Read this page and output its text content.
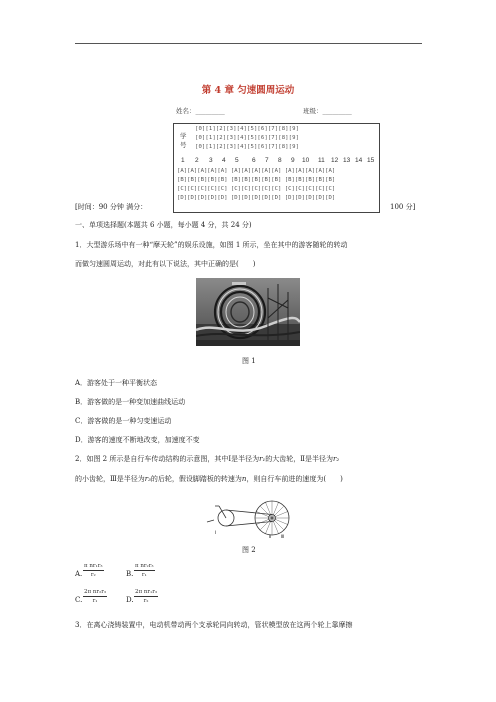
第 4 章 匀速圆周运动
姓名：_________	班级：_________
学
号
[0][1][2][3][4][5][6][7][8][9]
[0][1][2][3][4][5][6][7][8][9]
[0][1][2][3][4][5][6][7][8][9]
1 2 3 4 5 6 7 8 9 10 11 12 13 14 15
[A][A][A][A][A] [A][A][A][A][A] [A][A][A][A][A]
[B][B][B][B][B] [B][B][B][B][B] [B][B][B][B][B]
[C][C][C][C][C] [C][C][C][C][C] [C][C][C][C][C]
[D][D][D][D][D] [D][D][D][D][D] [D][D][D][D][D]
[时间：90 分钟 满分：	100 分]
一、单项选择题(本题共 6 小题，每小题 4 分，共 24 分)
1．大型游乐场中有一种“摩天轮”的娱乐设施，如图 1 所示，坐在其中的游客随轮的转动
而做匀速圆周运动，对此有以下说法，其中正确的是(　　)
图 1
A．游客处于一种平衡状态
B．游客做的是一种变加速曲线运动
C．游客做的是一种匀变速运动
D．游客的速度不断地改变，加速度不变
2．如图 2 所示是自行车传动结构的示意图，其中Ⅰ是半径为r₁的大齿轮，Ⅱ是半径为r₂
的小齿轮，Ⅲ是半径为r₃的后轮，假设脚踏板的转速为n，则自行车前进的速度为(　　)
Ⅰ
Ⅱ Ⅲ
图 2
A. $\frac{\text{π nr₁r₃}}{\text{r₂}}$	B. $\frac{\text{π nr₂r₃}}{\text{r₁}}$
C. $\frac{\text{2π nr₂r₃}}{\text{r₁}}$	D. $\frac{\text{2π nr₁r₃}}{\text{r₂}}$
3．在离心浇铸装置中，电动机带动两个支承轮同向转动，管状模型放在这两个轮上靠摩擦
